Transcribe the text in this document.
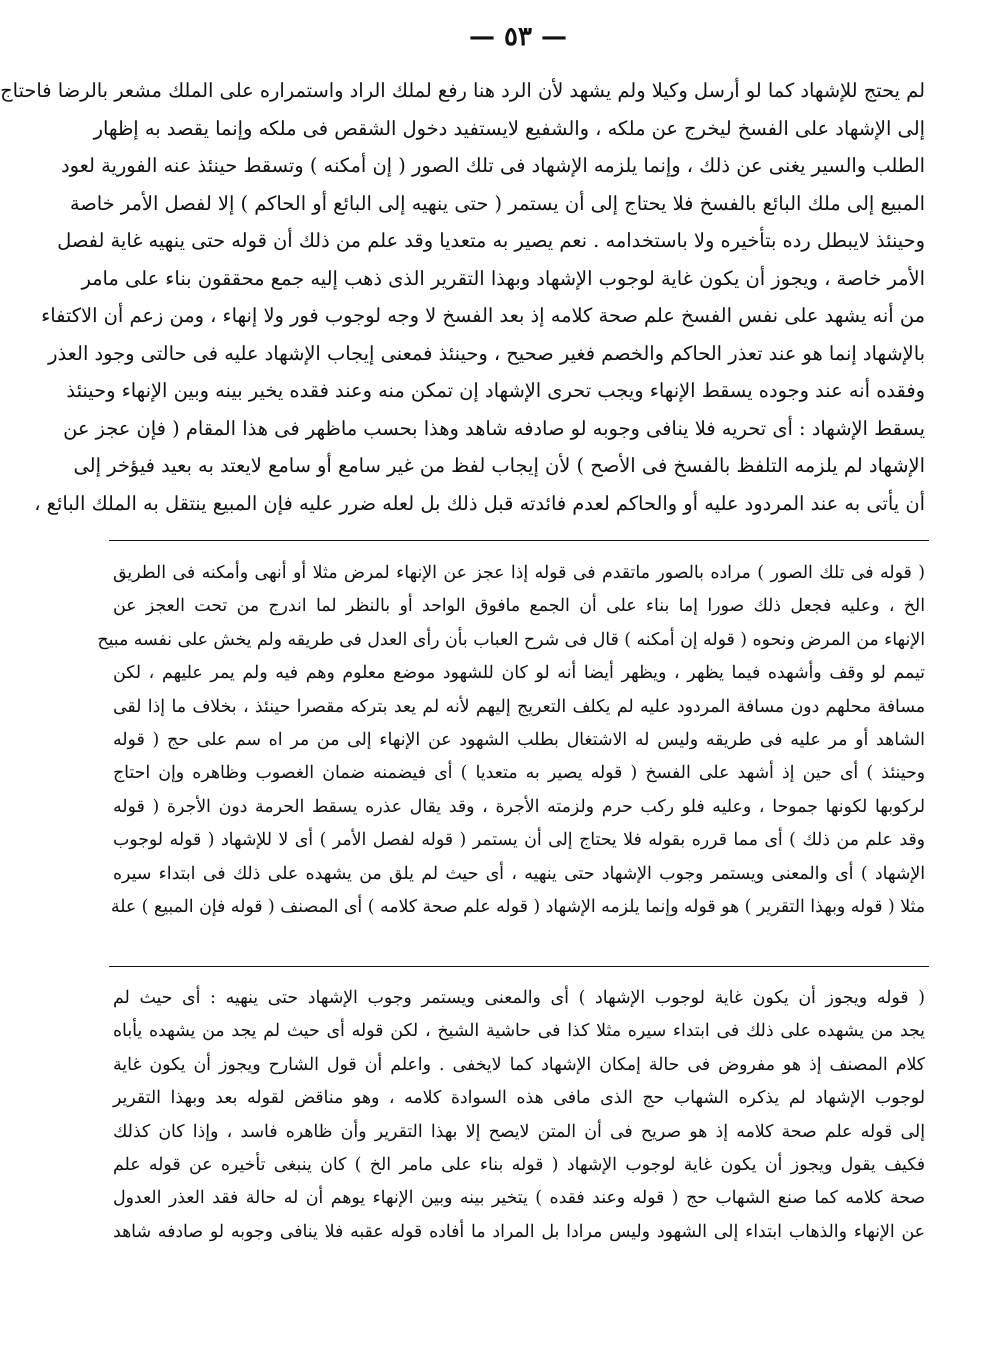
— ٥٣ —
لم يحتج للإشهاد كما لو أرسل وكيلا ولم يشهد لأن الرد هنا رفع لملك الراد واستمراره على الملك مشعر بالرضا فاحتاج
إلى الإشهاد على الفسخ ليخرج عن ملكه ، والشفيع لايستفيد دخول الشقص فى ملكه وإنما يقصد به إظهار
الطلب والسير يغنى عن ذلك ، وإنما يلزمه الإشهاد فى تلك الصور ( إن أمكنه ) وتسقط حينئذ عنه الفورية لعود
المبيع إلى ملك البائع بالفسخ فلا يحتاج إلى أن يستمر ( حتى ينهيه إلى البائع أو الحاكم ) إلا لفصل الأمر خاصة
وحينئذ لايبطل رده بتأخيره ولا باستخدامه . نعم يصير به متعديا وقد علم من ذلك أن قوله حتى ينهيه غاية لفصل
الأمر خاصة ، ويجوز أن يكون غاية لوجوب الإشهاد وبهذا التقرير الذى ذهب إليه جمع محققون بناء على مامر
من أنه يشهد على نفس الفسخ علم صحة كلامه إذ بعد الفسخ لا وجه لوجوب فور ولا إنهاء ، ومن زعم أن الاكتفاء
بالإشهاد إنما هو عند تعذر الحاكم والخصم فغير صحيح ، وحينئذ فمعنى إيجاب الإشهاد عليه فى حالتى وجود العذر
وفقده أنه عند وجوده يسقط الإنهاء ويجب تحرى الإشهاد إن تمكن منه وعند فقده يخير بينه وبين الإنهاء وحينئذ
يسقط الإشهاد : أى تحريه فلا ينافى وجوبه لو صادفه شاهد وهذا بحسب ماظهر فى هذا المقام ( فإن عجز عن
الإشهاد لم يلزمه التلفظ بالفسخ فى الأصح ) لأن إيجاب لفظ من غير سامع أو سامع لايعتد به بعيد فيؤخر إلى
أن يأتى به عند المردود عليه أو والحاكم لعدم فائدته قبل ذلك بل لعله ضرر عليه فإن المبيع ينتقل به الملك البائع ،
( قوله فى تلك الصور ) مراده بالصور ماتقدم فى قوله إذا عجز عن الإنهاء لمرض مثلا أو أنهى وأمكنه فى الطريق
الخ ، وعليه فجعل ذلك صورا إما بناء على أن الجمع مافوق الواحد أو بالنظر لما اندرج من تحت العجز عن
الإنهاء من المرض ونحوه ( قوله إن أمكنه ) قال فى شرح العباب بأن رأى العدل فى طريقه ولم يخش على نفسه مبيح
تيمم لو وقف وأشهده فيما يظهر ، ويظهر أيضا أنه لو كان للشهود موضع معلوم وهم فيه ولم يمر عليهم ، لكن
مسافة محلهم دون مسافة المردود عليه لم يكلف التعريج إليهم لأنه لم يعد بتركه مقصرا حينئذ ، بخلاف ما إذا لقى
الشاهد أو مر عليه فى طريقه وليس له الاشتغال بطلب الشهود عن الإنهاء إلى من مر اه سم على حج ( قوله
وحينئذ ) أى حين إذ أشهد على الفسخ ( قوله يصير به متعديا ) أى فيضمنه ضمان الغصوب وظاهره وإن احتاج
لركوبها لكونها جموحا ، وعليه فلو ركب حرم ولزمته الأجرة ، وقد يقال عذره يسقط الحرمة دون الأجرة ( قوله
وقد علم من ذلك ) أى مما قرره بقوله فلا يحتاج إلى أن يستمر ( قوله لفصل الأمر ) أى لا للإشهاد ( قوله لوجوب
الإشهاد ) أى والمعنى ويستمر وجوب الإشهاد حتى ينهيه ، أى حيث لم يلق من يشهده على ذلك فى ابتداء سيره
مثلا ( قوله وبهذا التقرير ) هو قوله وإنما يلزمه الإشهاد ( قوله علم صحة كلامه ) أى المصنف ( قوله فإن المبيع ) علة
( قوله ويجوز أن يكون غاية لوجوب الإشهاد ) أى والمعنى ويستمر وجوب الإشهاد حتى ينهيه : أى حيث لم
يجد من يشهده على ذلك فى ابتداء سيره مثلا كذا فى حاشية الشيخ ، لكن قوله أى حيث لم يجد من يشهده يأباه
كلام المصنف إذ هو مفروض فى حالة إمكان الإشهاد كما لايخفى . واعلم أن قول الشارح ويجوز أن يكون غاية
لوجوب الإشهاد لم يذكره الشهاب حج الذى مافى هذه السوادة كلامه ، وهو مناقض لقوله بعد وبهذا التقرير
إلى قوله علم صحة كلامه إذ هو صريح فى أن المتن لايصح إلا بهذا التقرير وأن ظاهره فاسد ، وإذا كان كذلك
فكيف يقول ويجوز أن يكون غاية لوجوب الإشهاد ( قوله بناء على مامر الخ ) كان ينبغى تأخيره عن قوله علم
صحة كلامه كما صنع الشهاب حج ( قوله وعند فقده ) يتخير بينه وبين الإنهاء يوهم أن له حالة فقد العذر العدول
عن الإنهاء والذهاب ابتداء إلى الشهود وليس مرادا بل المراد ما أفاده قوله عقبه فلا ينافى وجوبه لو صادفه شاهد
